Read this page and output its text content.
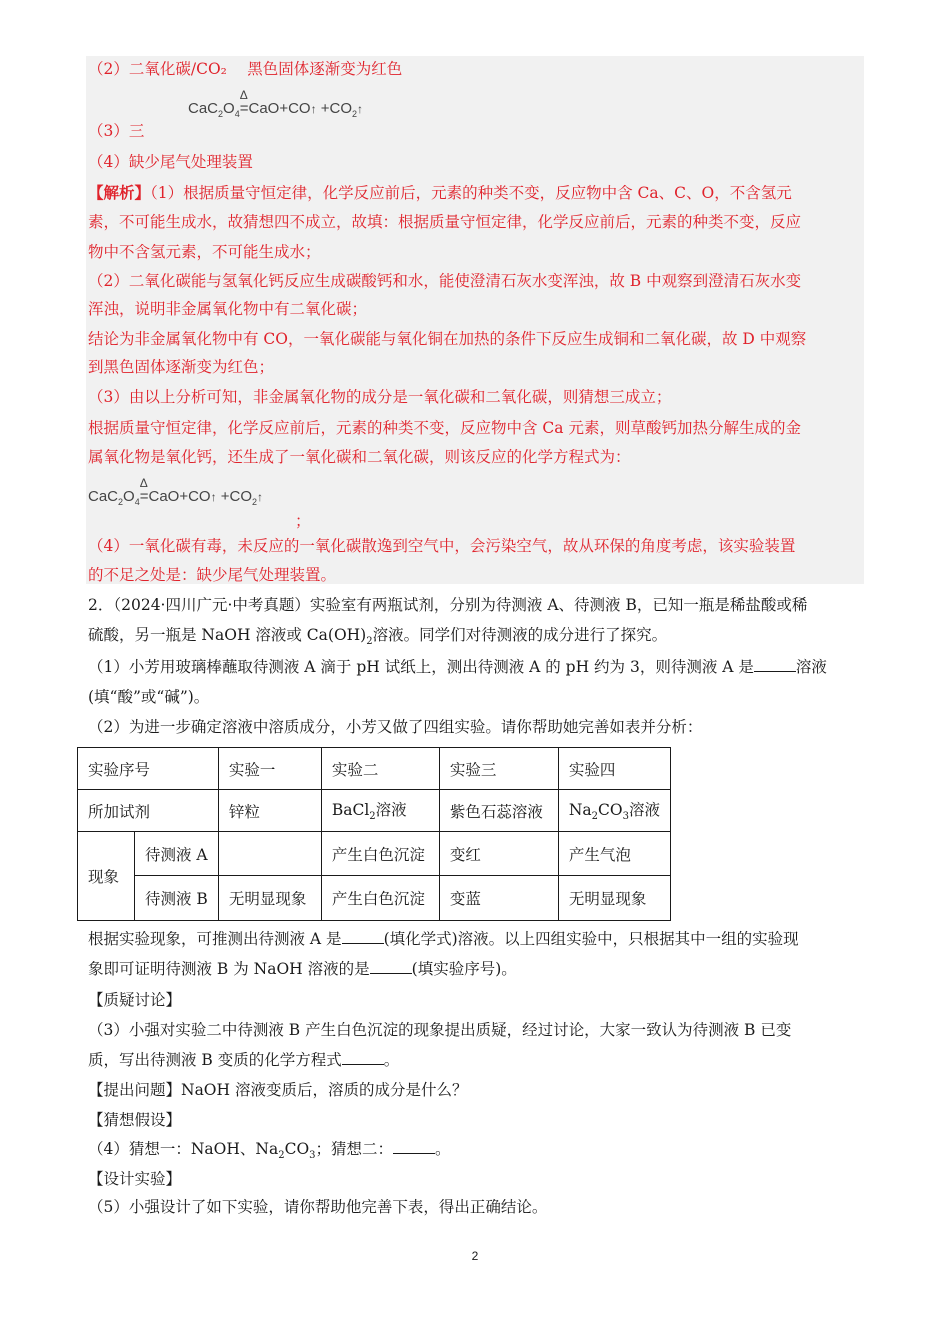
（2）二氧化碳/CO₂　 黑色固体逐渐变为红色
$CaC_2O_4$
Δ
=CaO+CO↑ $+CO_2↑$
（3）三
（4）缺少尾气处理装置
【解析】（1）根据质量守恒定律，化学反应前后，元素的种类不变，反应物中含 Ca、C、O，不含氢元
素，不可能生成水，故猜想四不成立，故填：根据质量守恒定律，化学反应前后，元素的种类不变，反应
物中不含氢元素，不可能生成水；
（2）二氧化碳能与氢氧化钙反应生成碳酸钙和水，能使澄清石灰水变浑浊，故 B 中观察到澄清石灰水变
浑浊，说明非金属氧化物中有二氧化碳；
结论为非金属氧化物中有 CO，一氧化碳能与氧化铜在加热的条件下反应生成铜和二氧化碳，故 D 中观察
到黑色固体逐渐变为红色；
（3）由以上分析可知，非金属氧化物的成分是一氧化碳和二氧化碳，则猜想三成立；
根据质量守恒定律，化学反应前后，元素的种类不变，反应物中含 Ca 元素，则草酸钙加热分解生成的金
属氧化物是氧化钙，还生成了一氧化碳和二氧化碳，则该反应的化学方程式为：
$CaC_2O_4$
Δ
=CaO+CO↑ $+CO_2↑$
；
（4）一氧化碳有毒，未反应的一氧化碳散逸到空气中，会污染空气，故从环保的角度考虑，该实验装置
的不足之处是：缺少尾气处理装置。
2．（2024·四川广元·中考真题）实验室有两瓶试剂，分别为待测液 A、待测液 B，已知一瓶是稀盐酸或稀
硫酸，另一瓶是 NaOH 溶液或 $Ca(OH)_2$溶液。同学们对待测液的成分进行了探究。
（1）小芳用玻璃棒蘸取待测液 A 滴于 pH 试纸上，测出待测液 A 的 pH 约为 3，则待测液 A 是	溶液
(填“酸”或“碱”)。
（2）为进一步确定溶液中溶质成分，小芳又做了四组实验。请你帮助她完善如表并分析：
实验序号		实验一	实验二	实验三	实验四
所加试剂		锌粒	BaCl$_2$溶液	紫色石蕊溶液	$Na_2CO_3$溶液
现象	待测液 A		产生白色沉淀	变红	产生气泡
	待测液 B	无明显现象	产生白色沉淀	变蓝	无明显现象
根据实验现象，可推测出待测液 A 是	(填化学式)溶液。以上四组实验中，只根据其中一组的实验现
象即可证明待测液 B 为 NaOH 溶液的是	(填实验序号)。
【质疑讨论】
（3）小强对实验二中待测液 B 产生白色沉淀的现象提出质疑，经过讨论，大家一致认为待测液 B 已变
质，写出待测液 B 变质的化学方程式	。
【提出问题】NaOH 溶液变质后，溶质的成分是什么？
【猜想假设】
（4）猜想一：NaOH、$Na_2CO_3$；猜想二：	。
【设计实验】
（5）小强设计了如下实验，请你帮助他完善下表，得出正确结论。
2
